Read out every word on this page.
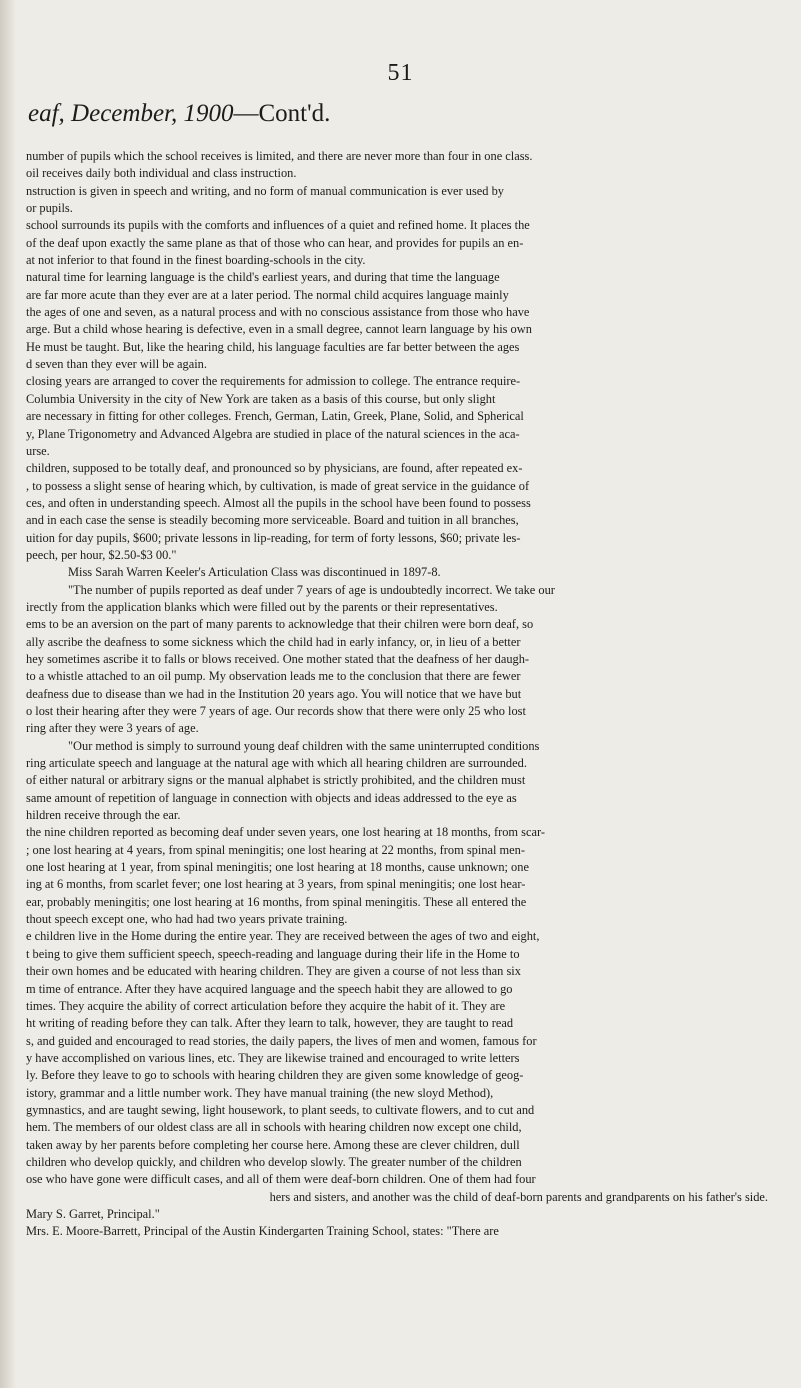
51
eaf, December, 1900—Cont'd.
number of pupils which the school receives is limited, and there are never more than four in one class.
oil receives daily both individual and class instruction.
nstruction is given in speech and writing, and no form of manual communication is ever used by
or pupils.
school surrounds its pupils with the comforts and influences of a quiet and refined home. It places the
of the deaf upon exactly the same plane as that of those who can hear, and provides for pupils an en-
at not inferior to that found in the finest boarding-schools in the city.
natural time for learning language is the child's earliest years, and during that time the language
are far more acute than they ever are at a later period. The normal child acquires language mainly
the ages of one and seven, as a natural process and with no conscious assistance from those who have
arge. But a child whose hearing is defective, even in a small degree, cannot learn language by his own
He must be taught. But, like the hearing child, his language faculties are far better between the ages
d seven than they ever will be again.
closing years are arranged to cover the requirements for admission to college. The entrance require-
Columbia University in the city of New York are taken as a basis of this course, but only slight
are necessary in fitting for other colleges. French, German, Latin, Greek, Plane, Solid, and Spherical
y, Plane Trigonometry and Advanced Algebra are studied in place of the natural sciences in the aca-
urse.
children, supposed to be totally deaf, and pronounced so by physicians, are found, after repeated ex-
, to possess a slight sense of hearing which, by cultivation, is made of great service in the guidance of
ces, and often in understanding speech. Almost all the pupils in the school have been found to possess
and in each case the sense is steadily becoming more serviceable. Board and tuition in all branches,
uition for day pupils, $600; private lessons in lip-reading, for term of forty lessons, $60; private les-
peech, per hour, $2.50-$3 00."
Miss Sarah Warren Keeler's Articulation Class was discontinued in 1897-8.
"The number of pupils reported as deaf under 7 years of age is undoubtedly incorrect. We take our
irectly from the application blanks which were filled out by the parents or their representatives.
ems to be an aversion on the part of many parents to acknowledge that their chilren were born deaf, so
ally ascribe the deafness to some sickness which the child had in early infancy, or, in lieu of a better
hey sometimes ascribe it to falls or blows received. One mother stated that the deafness of her daugh-
to a whistle attached to an oil pump. My observation leads me to the conclusion that there are fewer
deafness due to disease than we had in the Institution 20 years ago. You will notice that we have but
o lost their hearing after they were 7 years of age. Our records show that there were only 25 who lost
ring after they were 3 years of age.
"Our method is simply to surround young deaf children with the same uninterrupted conditions
ring articulate speech and language at the natural age with which all hearing children are surrounded.
of either natural or arbitrary signs or the manual alphabet is strictly prohibited, and the children must
same amount of repetition of language in connection with objects and ideas addressed to the eye as
hildren receive through the ear.
the nine children reported as becoming deaf under seven years, one lost hearing at 18 months, from scar-
; one lost hearing at 4 years, from spinal meningitis; one lost hearing at 22 months, from spinal men-
one lost hearing at 1 year, from spinal meningitis; one lost hearing at 18 months, cause unknown; one
ing at 6 months, from scarlet fever; one lost hearing at 3 years, from spinal meningitis; one lost hear-
ear, probably meningitis; one lost hearing at 16 months, from spinal meningitis. These all entered the
thout speech except one, who had had two years private training.
e children live in the Home during the entire year. They are received between the ages of two and eight,
t being to give them sufficient speech, speech-reading and language during their life in the Home to
their own homes and be educated with hearing children. They are given a course of not less than six
m time of entrance. After they have acquired language and the speech habit they are allowed to go
times. They acquire the ability of correct articulation before they acquire the habit of it. They are
ht writing of reading before they can talk. After they learn to talk, however, they are taught to read
s, and guided and encouraged to read stories, the daily papers, the lives of men and women, famous for
y have accomplished on various lines, etc. They are likewise trained and encouraged to write letters
ly. Before they leave to go to schools with hearing children they are given some knowledge of geog-
istory, grammar and a little number work. They have manual training (the new sloyd Method),
gymnastics, and are taught sewing, light housework, to plant seeds, to cultivate flowers, and to cut and
hem. The members of our oldest class are all in schools with hearing children now except one child,
taken away by her parents before completing her course here. Among these are clever children, dull
children who develop quickly, and children who develop slowly. The greater number of the children
ose who have gone were difficult cases, and all of them were deaf-born children. One of them had four
hers and sisters, and another was the child of deaf-born parents and grandparents on his father's side.
Mary S. Garret, Principal."
Mrs. E. Moore-Barrett, Principal of the Austin Kindergarten Training School, states: "There are
